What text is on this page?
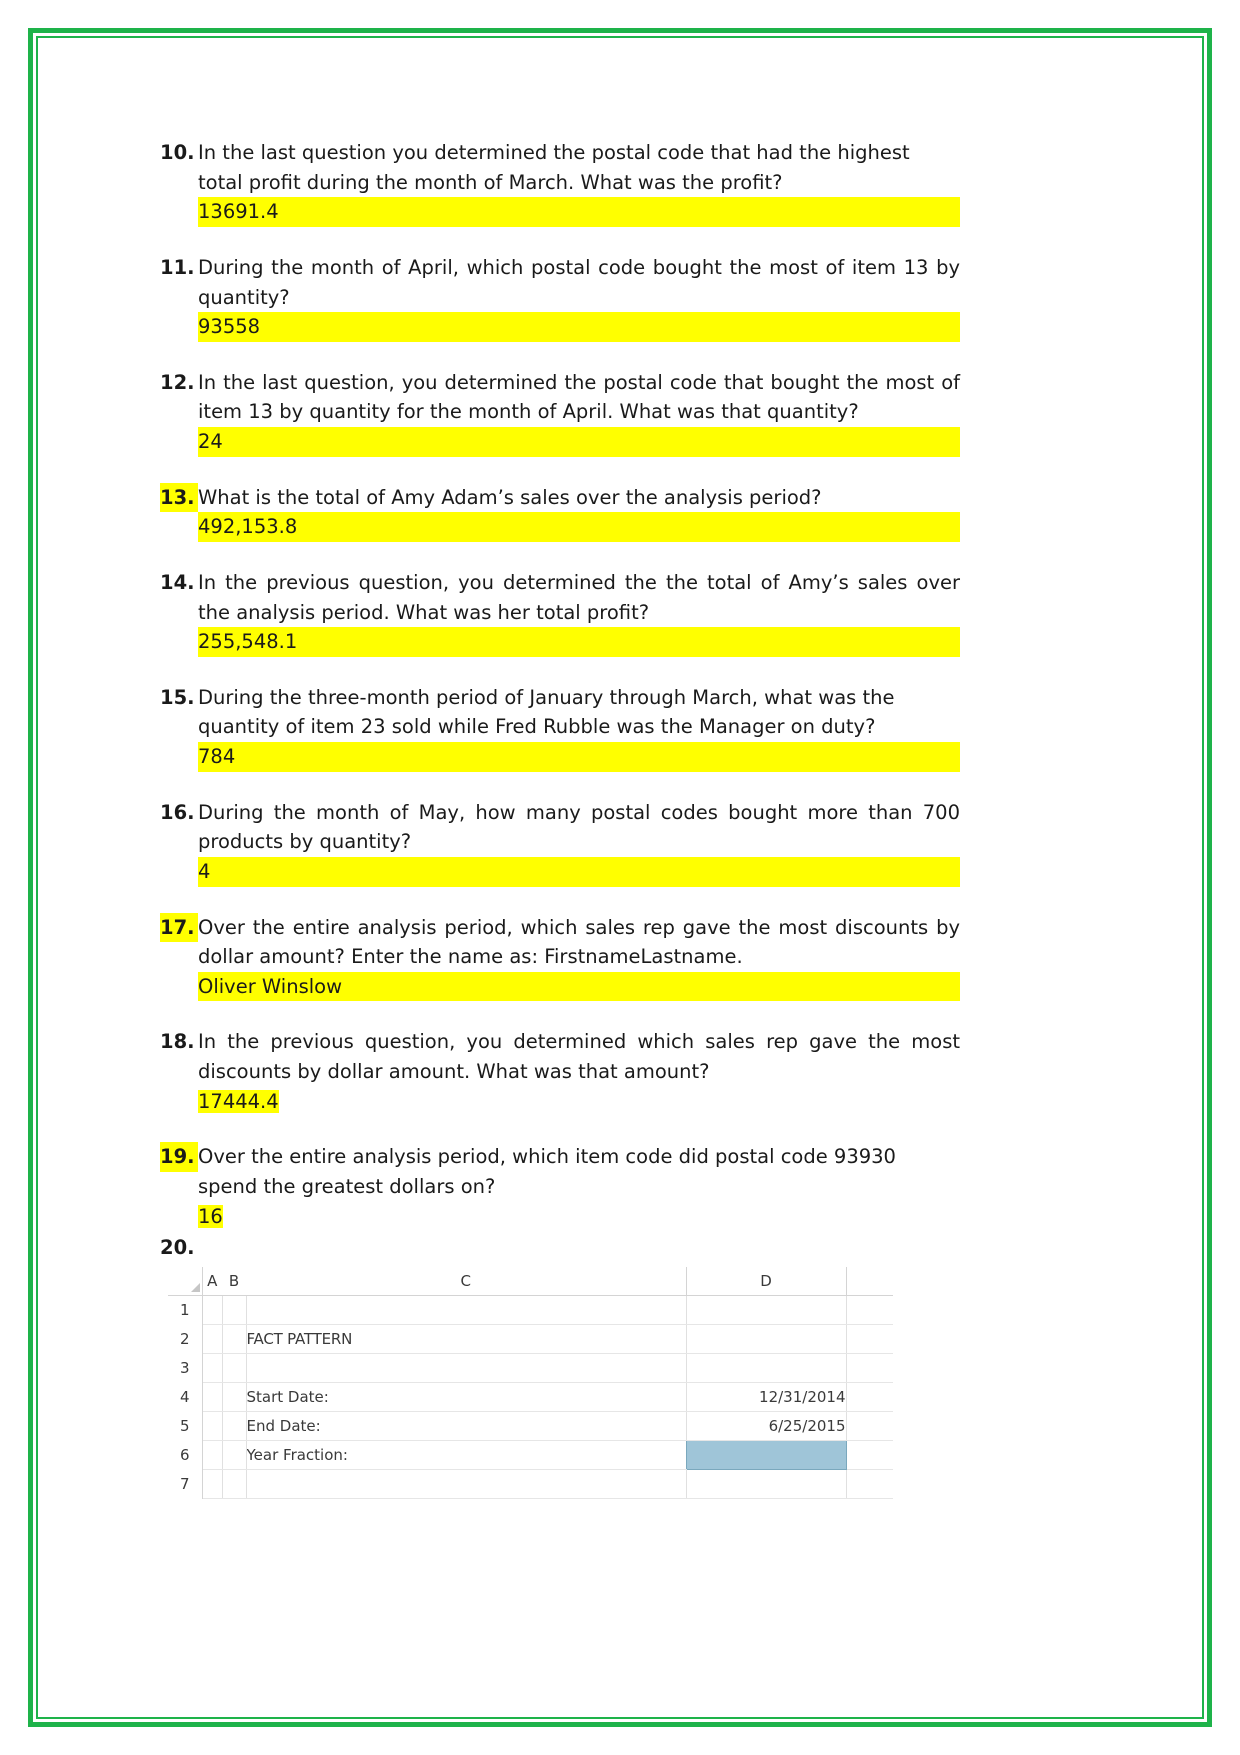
10. In the last question you determined the postal code that had the highest total profit during the month of March. What was the profit?
13691.4
11. During the month of April, which postal code bought the most of item 13 by quantity?
93558
12. In the last question, you determined the postal code that bought the most of item 13 by quantity for the month of April. What was that quantity?
24
13. What is the total of Amy Adam’s sales over the analysis period?
492,153.8
14. In the previous question, you determined the the total of Amy’s sales over the analysis period. What was her total profit?
255,548.1
15. During the three-month period of January through March, what was the quantity of item 23 sold while Fred Rubble was the Manager on duty?
784
16. During the month of May, how many postal codes bought more than 700 products by quantity?
4
17. Over the entire analysis period, which sales rep gave the most discounts by dollar amount? Enter the name as: FirstnameLastname.
Oliver Winslow
18. In the previous question, you determined which sales rep gave the most discounts by dollar amount. What was that amount?
17444.4
19. Over the entire analysis period, which item code did postal code 93930 spend the greatest dollars on?
16
20.
	A	B	C	D	
1					
2			FACT PATTERN		
3					
4			Start Date:	12/31/2014	
5			End Date:	6/25/2015	
6			Year Fraction:		
7					
